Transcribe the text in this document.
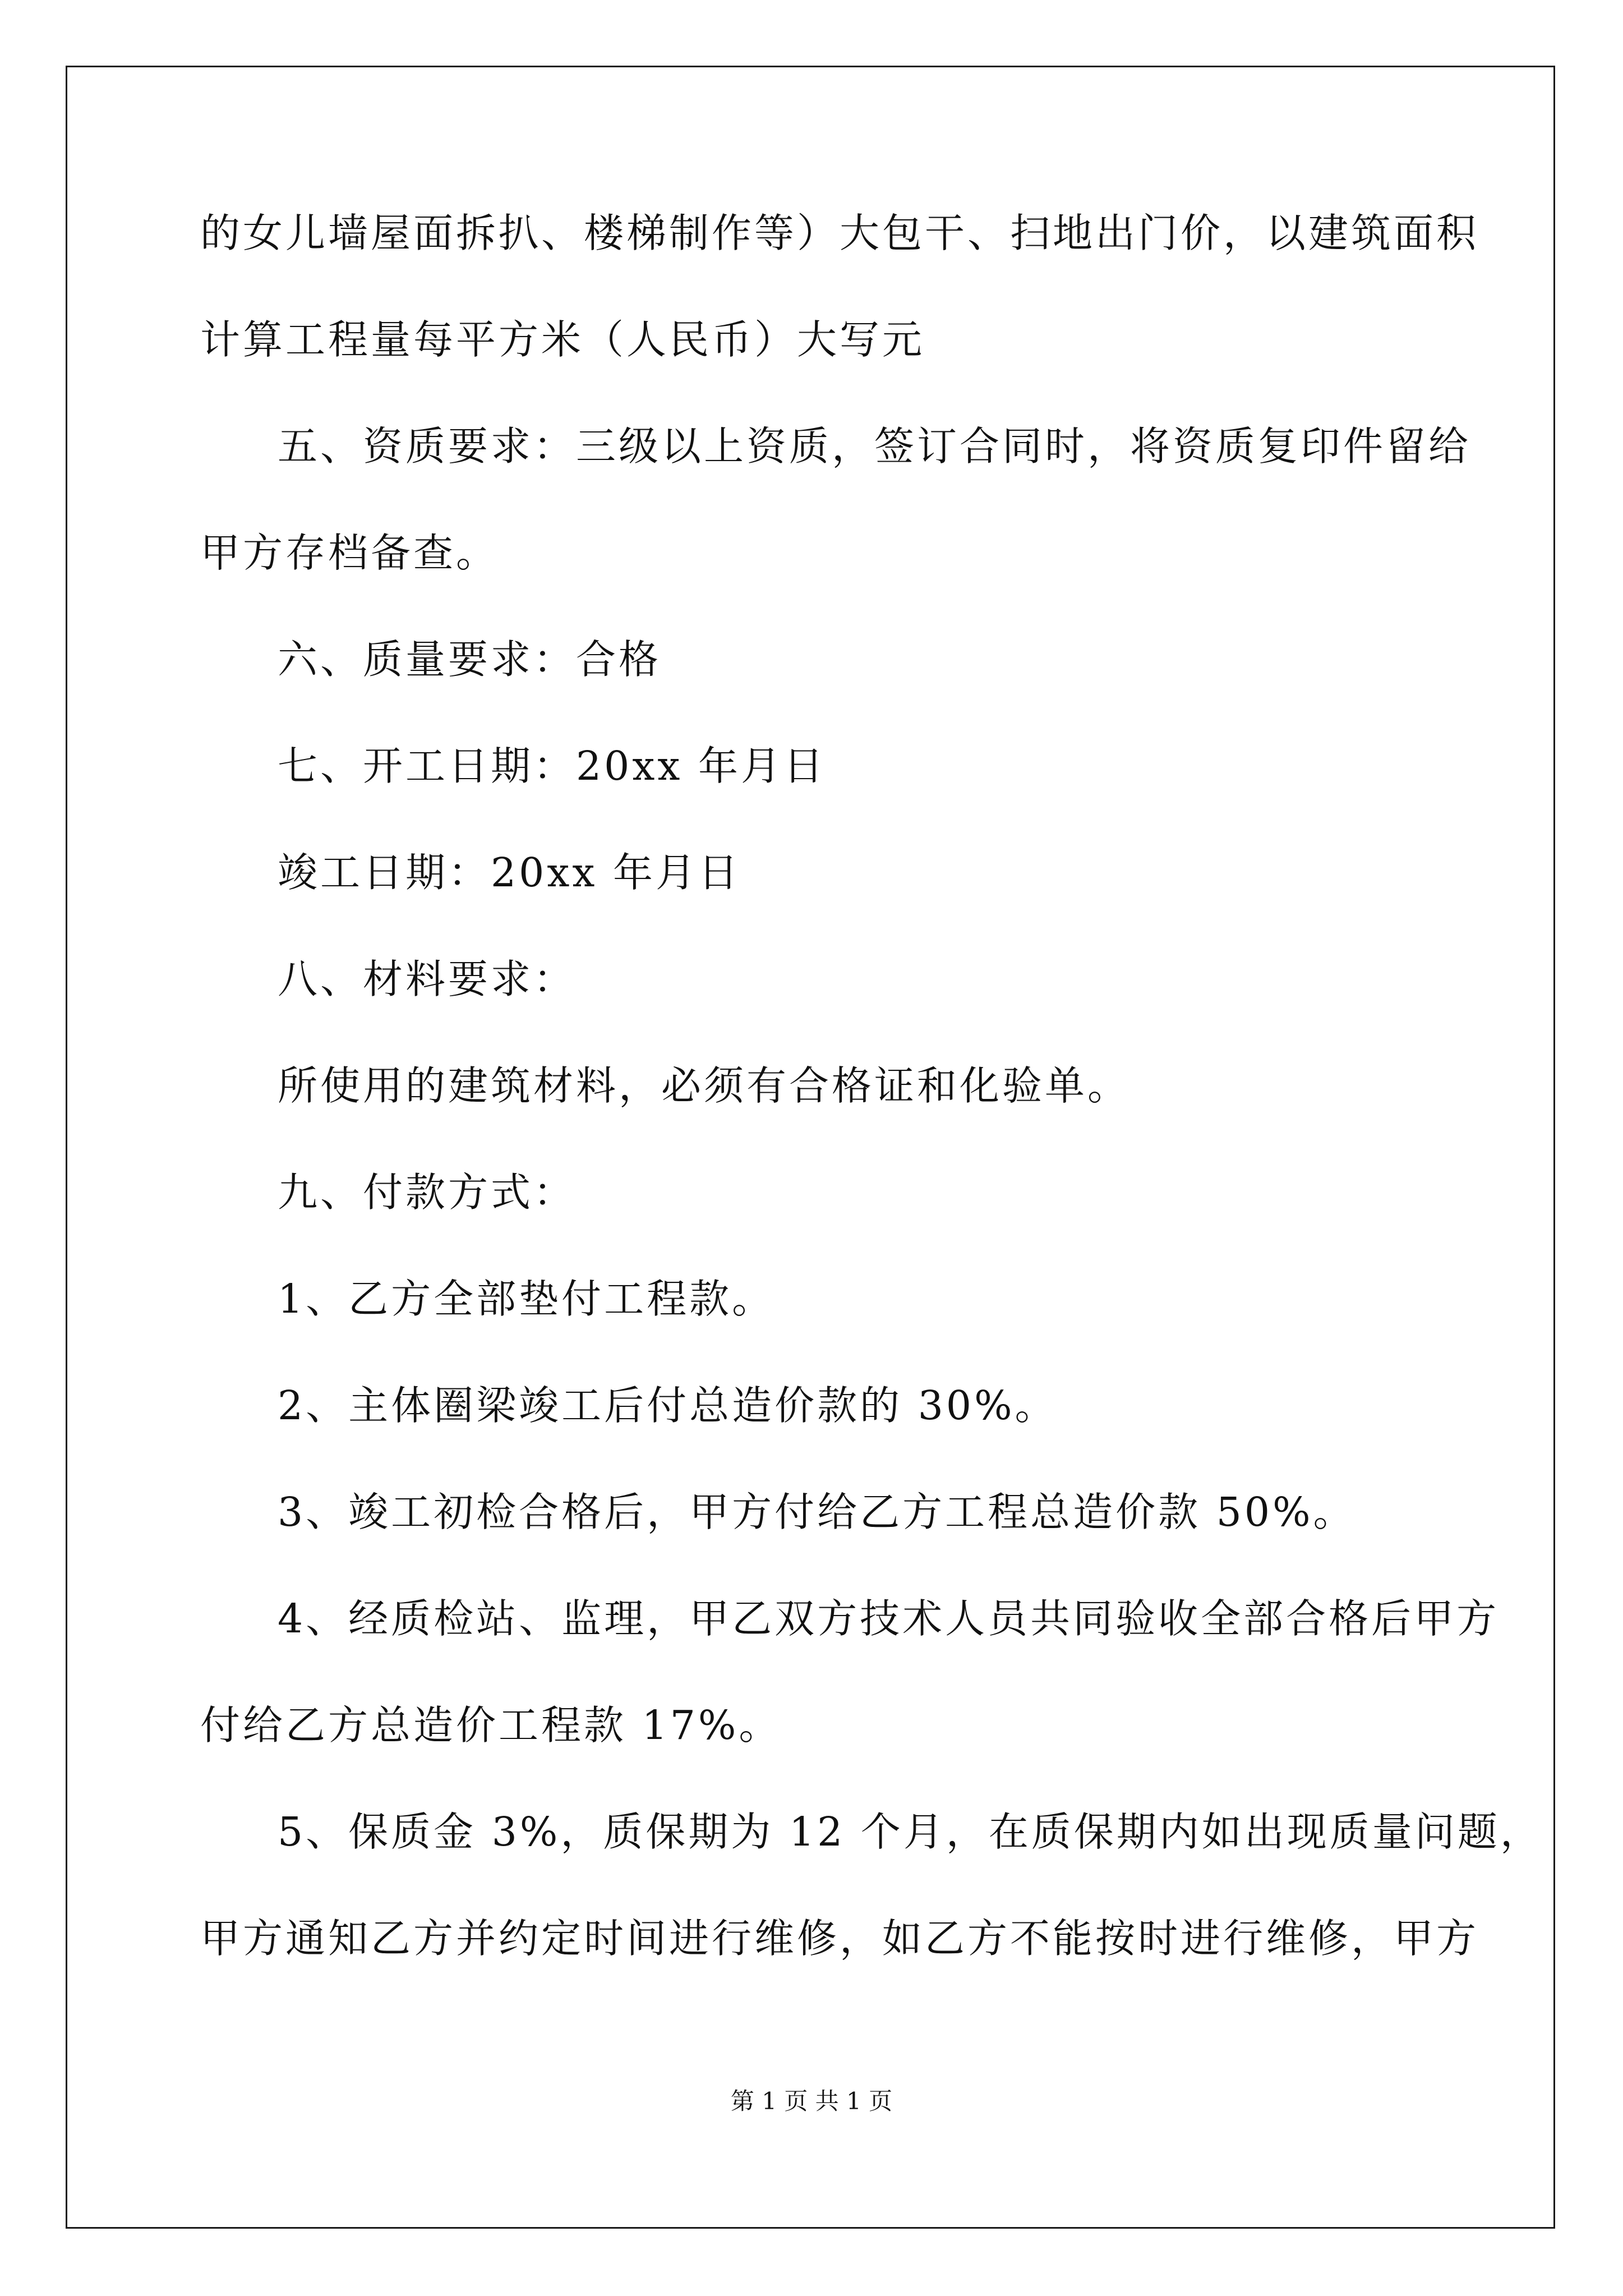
的女儿墙屋面拆扒、楼梯制作等）大包干、扫地出门价，以建筑面积
计算工程量每平方米（人民币）大写元
五、资质要求：三级以上资质，签订合同时，将资质复印件留给
甲方存档备查。
六、质量要求：合格
七、开工日期：20xx 年月日
竣工日期：20xx 年月日
八、材料要求：
所使用的建筑材料，必须有合格证和化验单。
九、付款方式：
1、乙方全部垫付工程款。
2、主体圈梁竣工后付总造价款的 30%。
3、竣工初检合格后，甲方付给乙方工程总造价款 50%。
4、经质检站、监理，甲乙双方技术人员共同验收全部合格后甲方
付给乙方总造价工程款 17%。
5、保质金 3%，质保期为 12 个月，在质保期内如出现质量问题，
甲方通知乙方并约定时间进行维修，如乙方不能按时进行维修，甲方
第 1 页 共 1 页
